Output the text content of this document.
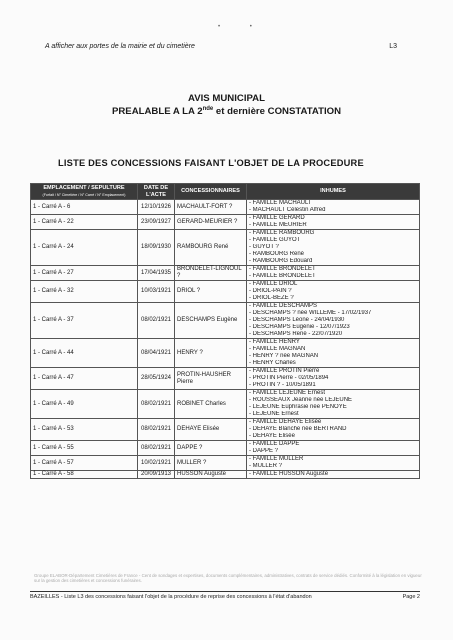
• •
A afficher aux portes de la mairie et du cimetière	L3
AVIS MUNICIPAL
PREALABLE A LA 2nde et dernière CONSTATATION
LISTE DES CONCESSIONS FAISANT L'OBJET DE LA PROCEDURE
EMPLACEMENT / SEPULTURE
(Forfait / N° Cimetière / N° Carré / N° Emplacement)	DATE DE L'ACTE	CONCESSIONNAIRES	INHUMES
1 - Carré A - 6	12/10/1926	MACHAULT-FORT ?	- FAMILLE MACHAULT
- MACHAULT Célestin Alfred

1 - Carré A - 22	23/09/1927	GERARD-MEURIER ?	- FAMILLE GERARD
- FAMILLE MEURIER

1 - Carré A - 24	18/09/1930	RAMBOURG René	- FAMILLE RAMBOURG
- FAMILLE GUYOT
- GUYOT ?
- RAMBOURG René
- RAMBOURG Edouard

1 - Carré A - 27	17/04/1935	BRONDELET-LIGNOUL ?	- FAMILLE BRONDELET
- FAMILLE BRONDELET

1 - Carré A - 32	10/03/1921	DRIOL ?	- FAMILLE DRIOL
- DRIOL-PAIN ?
- DRIOL-BEZE ?

1 - Carré A - 37	08/02/1921	DESCHAMPS Eugène	- FAMILLE DESCHAMPS
- DESCHAMPS ? née WILLEME - 17/02/1937
- DESCHAMPS Léone - 24/04/1930
- DESCHAMPS Eugénie - 12/07/1923
- DESCHAMPS René - 22/07/1920

1 - Carré A - 44	08/04/1921	HENRY ?	- FAMILLE HENRY
- FAMILLE MAGNAN
- HENRY ? née MAGNAN
- HENRY Charles

1 - Carré A - 47	28/05/1924	PROTIN-HAUSHER Pierre	- FAMILLE PROTIN Pierre
- PROTIN Pierre - 02/05/1894
- PROTIN ? - 10/05/1891

1 - Carré A - 49	08/02/1921	ROBINET Charles	- FAMILLE LEJEUNE Ernest
- ROUSSEAUX Jeanne née LEJEUNE
- LEJEUNE Euphrasie née PENOYE
- LEJEUNE Ernest

1 - Carré A - 53	08/02/1921	DEHAYE Elisée	- FAMILLE DEHAYE Elisée
- DEHAYE Blanche née BERTRAND
- DEHAYE Elisée

1 - Carré A - 55	08/02/1921	DAPPE ?	- FAMILLE DAPPE
- DAPPE ?

1 - Carré A - 57	10/02/1921	MULLER ?	- FAMILLE MULLER
- MULLER ?

1 - Carré A - 58	20/09/1913	HUSSON Auguste	- FAMILLE HUSSON Auguste
Groupe ELABOR-Département Cimetières de France - Cent de sondages et expertises, documents complémentaires, administratives, contrats de service dédiés. Conformité à la législation en vigueur sur la gestion des cimetières et concessions funéraires.
BAZEILLES - Liste L3 des concessions faisant l'objet de la procédure de reprise des concessions à l'état d'abandon	Page 2
